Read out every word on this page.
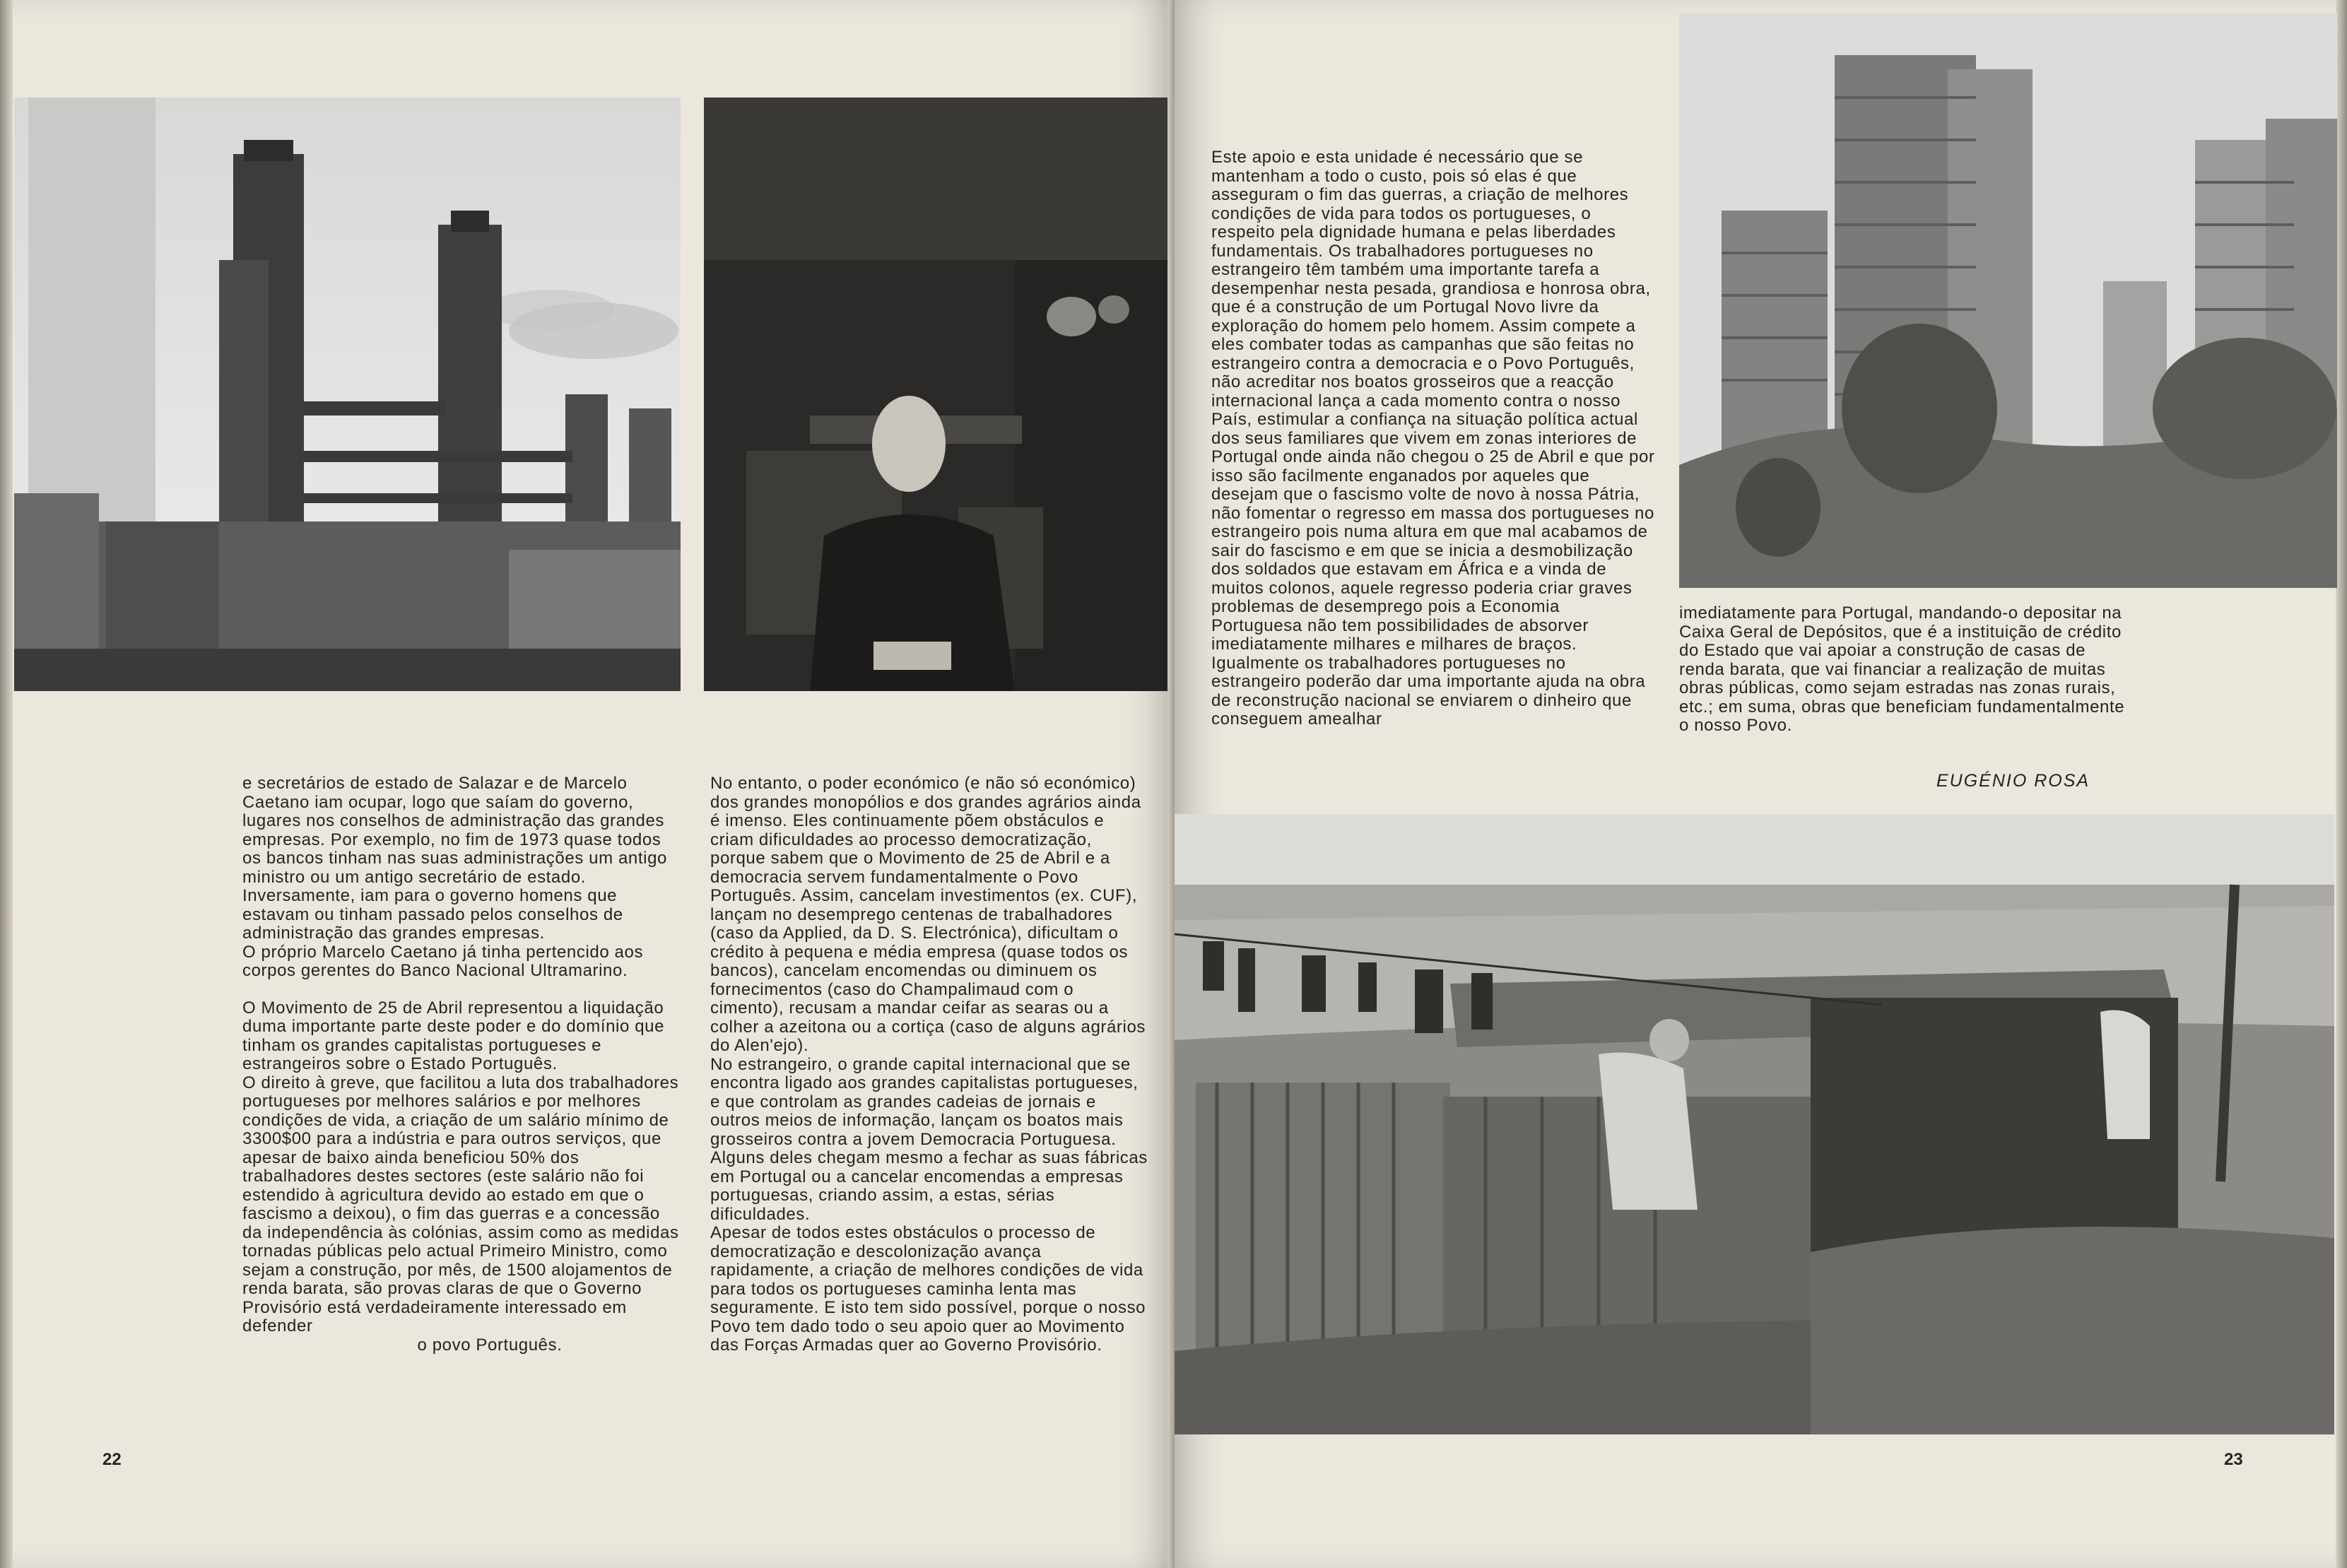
e secretários de estado de Salazar e de Marcelo Caetano iam ocupar, logo que saíam do governo, lugares nos conselhos de administração das grandes empresas. Por exemplo, no fim de 1973 quase todos os bancos tinham nas suas administrações um antigo ministro ou um antigo secretário de estado. Inversamente, iam para o governo homens que estavam ou tinham passado pelos conselhos de administração das grandes empresas.

O próprio Marcelo Caetano já tinha pertencido aos corpos gerentes do Banco Nacional Ultramarino.

O Movimento de 25 de Abril representou a liquidação duma importante parte deste poder e do domínio que tinham os grandes capitalistas portugueses e estrangeiros sobre o Estado Português.

O direito à greve, que facilitou a luta dos trabalhadores portugueses por melhores salários e por melhores condições de vida, a criação de um salário mínimo de 3300$00 para a indústria e para outros serviços, que apesar de baixo ainda beneficiou 50% dos trabalhadores destes sectores (este salário não foi estendido à agricultura devido ao estado em que o fascismo a deixou), o fim das guerras e a concessão da independência às colónias, assim como as medidas tornadas públicas pelo actual Primeiro Ministro, como sejam a construção, por mês, de 1500 alojamentos de renda barata, são provas claras de que o Governo Provisório está verdadeiramente interessado em defender

o povo Português.

No entanto, o poder económico (e não só económico) dos grandes monopólios e dos grandes agrários ainda é imenso. Eles continuamente põem obstáculos e criam dificuldades ao processo democratização, porque sabem que o Movimento de 25 de Abril e a democracia servem fundamentalmente o Povo Português. Assim, cancelam investimentos (ex. CUF), lançam no desemprego centenas de trabalhadores (caso da Applied, da D. S. Electrónica), dificultam o crédito à pequena e média empresa (quase todos os bancos), cancelam encomendas ou diminuem os fornecimentos (caso do Champalimaud com o cimento), recusam a mandar ceifar as searas ou a colher a azeitona ou a cortiça (caso de alguns agrários do Alen'ejo).

No estrangeiro, o grande capital internacional que se encontra ligado aos grandes capitalistas portugueses, e que controlam as grandes cadeias de jornais e outros meios de informação, lançam os boatos mais grosseiros contra a jovem Democracia Portuguesa. Alguns deles chegam mesmo a fechar as suas fábricas em Portugal ou a cancelar encomendas a empresas portuguesas, criando assim, a estas, sérias dificuldades.

Apesar de todos estes obstáculos o processo de democratização e descolonização avança rapidamente, a criação de melhores condições de vida para todos os portugueses caminha lenta mas seguramente. E isto tem sido possível, porque o nosso Povo tem dado todo o seu apoio quer ao Movimento das Forças Armadas quer ao Governo Provisório.

22

Este apoio e esta unidade é necessário que se mantenham a todo o custo, pois só elas é que asseguram o fim das guerras, a criação de melhores condições de vida para todos os portugueses, o respeito pela dignidade humana e pelas liberdades fundamentais. Os trabalhadores portugueses no estrangeiro têm também uma importante tarefa a desempenhar nesta pesada, grandiosa e honrosa obra, que é a construção de um Portugal Novo livre da exploração do homem pelo homem. Assim compete a eles combater todas as campanhas que são feitas no estrangeiro contra a democracia e o Povo Português, não acreditar nos boatos grosseiros que a reacção internacional lança a cada momento contra o nosso País, estimular a confiança na situação política actual dos seus familiares que vivem em zonas interiores de Portugal onde ainda não chegou o 25 de Abril e que por isso são facilmente enganados por aqueles que desejam que o fascismo volte de novo à nossa Pátria, não fomentar o regresso em massa dos portugueses no estrangeiro pois numa altura em que mal acabamos de sair do fascismo e em que se inicia a desmobilização dos soldados que estavam em África e a vinda de muitos colonos, aquele regresso poderia criar graves problemas de desemprego pois a Economia Portuguesa não tem possibilidades de absorver imediatamente milhares e milhares de braços. Igualmente os trabalhadores portugueses no estrangeiro poderão dar uma importante ajuda na obra de reconstrução nacional se enviarem o dinheiro que conseguem amealhar

imediatamente para Portugal, mandando-o depositar na Caixa Geral de Depósitos, que é a instituição de crédito do Estado que vai apoiar a construção de casas de renda barata, que vai financiar a realização de muitas obras públicas, como sejam estradas nas zonas rurais, etc.; em suma, obras que beneficiam fundamentalmente o nosso Povo.

EUGÉNIO ROSA
23
